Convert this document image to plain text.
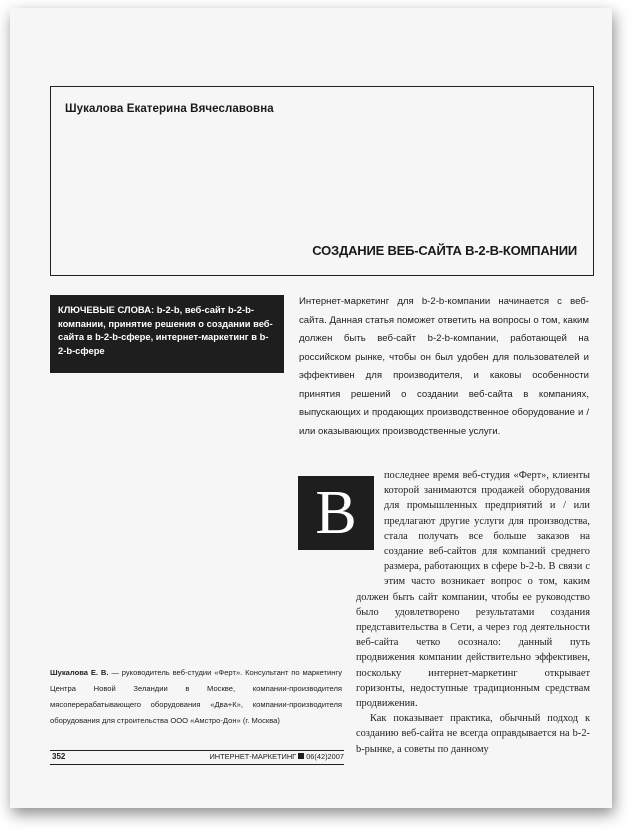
Шукалова Екатерина Вячеславовна
СОЗДАНИЕ ВЕБ-САЙТА В-2-В-КОМПАНИИ
КЛЮЧЕВЫЕ СЛОВА: b-2-b, веб-сайт b-2-b-компании, принятие решения о создании веб-сайта в b-2-b-сфере, интернет-маркетинг в b-2-b-сфере
Интернет-маркетинг для b-2-b-компании начинается с веб-сайта. Данная статья поможет ответить на вопросы о том, каким должен быть веб-сайт b-2-b-компании, работающей на российском рынке, чтобы он был удобен для пользователей и эффективен для производителя, и каковы особенности принятия решений о создании веб-сайта в компаниях, выпускающих и продающих производственное оборудование и / или оказывающих производственные услуги.
В

последнее время веб-студия «Ферт», клиенты которой занимаются продажей оборудования для промышленных предприятий и / или предлагают другие услуги для производства, стала получать все больше заказов на создание веб-сайтов для компаний среднего размера, работающих в сфере b-2-b. В связи с этим часто возникает вопрос о том, каким должен быть сайт компании, чтобы ее руководство было удовлетворено результатами создания представительства в Сети, а через год деятельности веб-сайта четко осознало: данный путь продвижения компании действительно эффективен, поскольку интернет-маркетинг открывает горизонты, недоступные традиционным средствам продвижения.

Как показывает практика, обычный подход к созданию веб-сайта не всегда оправдывается на b-2-b-рынке, а советы по данному

Шукалова Е. В. — руководитель веб-студии «Ферт». Консультант по маркетингу Центра Новой Зеландии в Москве, компании-производителя мясоперерабатывающего оборудования «Два+К», компании-производителя оборудования для строительства ООО «Амстро-Дон» (г. Москва)
352	ИНТЕРНЕТ-МАРКЕТИНГ 06(42)2007
